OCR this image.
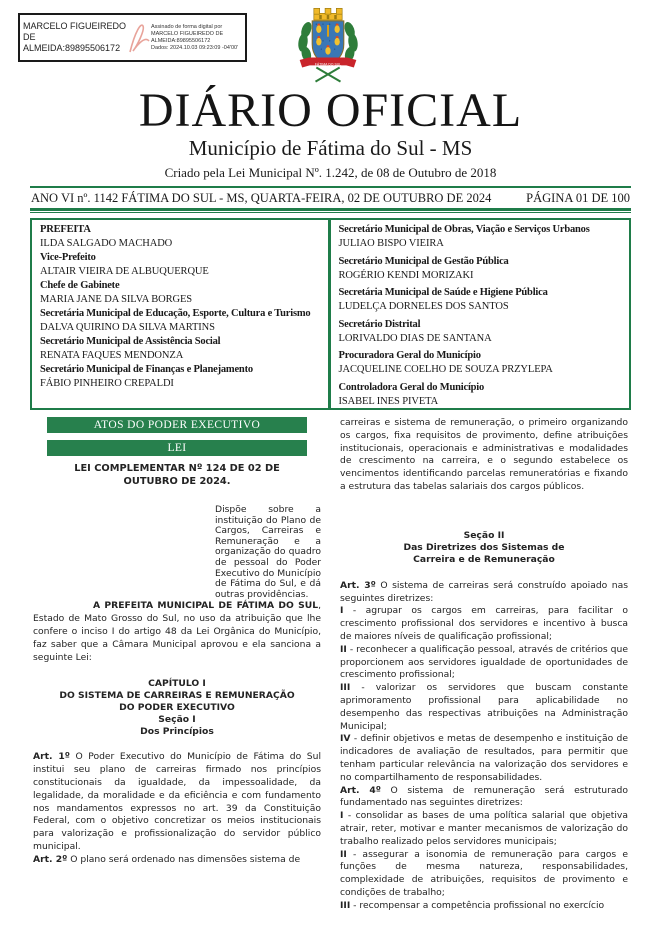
MARCELO FIGUEIREDO DE ALMEIDA:89895506172
Assinado de forma digital por
MARCELO FIGUEIREDO DE
ALMEIDA:89895506172
Dados: 2024.10.03 09:23:09 -04'00'
FÁTIMA DO SUL
DIÁRIO OFICIAL
Município de Fátima do Sul - MS
Criado pela Lei Municipal Nº. 1.242, de 08 de Outubro de 2018
ANO VI nº. 1142 FÁTIMA DO SUL - MS, QUARTA-FEIRA, 02 DE OUTUBRO DE 2024	PÁGINA 01 DE 100
PREFEITA
ILDA SALGADO MACHADO
Vice-Prefeito
ALTAIR VIEIRA DE ALBUQUERQUE
Chefe de Gabinete
MARIA JANE DA SILVA BORGES
Secretária Municipal de Educação, Esporte, Cultura e Turismo
DALVA QUIRINO DA SILVA MARTINS
Secretário Municipal de Assistência Social
RENATA FAQUES MENDONZA
Secretário Municipal de Finanças e Planejamento
FÁBIO PINHEIRO CREPALDI
Secretário Municipal de Obras, Viação e Serviços Urbanos
JULIAO BISPO VIEIRA
Secretário Municipal de Gestão Pública
ROGÉRIO KENDI MORIZAKI
Secretária Municipal de Saúde e Higiene Pública
LUDELÇA DORNELES DOS SANTOS
Secretário Distrital
LORIVALDO DIAS DE SANTANA
Procuradora Geral do Município
JACQUELINE COELHO DE SOUZA PRZYLEPA
Controladora Geral do Município
ISABEL INES PIVETA
ATOS DO PODER EXECUTIVO
LEI
LEI COMPLEMENTAR Nº 124 DE 02 DE OUTUBRO DE 2024.
Dispõe sobre a instituição do Plano de Cargos, Carreiras e Remuneração e a organização do quadro de pessoal do Poder Executivo do Município de Fátima do Sul, e dá outras providências.
A PREFEITA MUNICIPAL DE FÁTIMA DO SUL, Estado de Mato Grosso do Sul, no uso da atribuição que lhe confere o inciso I do artigo 48 da Lei Orgânica do Município, faz saber que a Câmara Municipal aprovou e ela sanciona a seguinte Lei:
CAPÍTULO I
DO SISTEMA DE CARREIRAS E REMUNERAÇÃO DO PODER EXECUTIVO
Seção I
Dos Princípios
Art. 1º O Poder Executivo do Município de Fátima do Sul institui seu plano de carreiras firmado nos princípios constitucionais da igualdade, da impessoalidade, da legalidade, da moralidade e da eficiência e com fundamento nos mandamentos expressos no art. 39 da Constituição Federal, com o objetivo concretizar os meios institucionais para valorização e profissionalização do servidor público municipal.
Art. 2º O plano será ordenado nas dimensões sistema de
carreiras e sistema de remuneração, o primeiro organizando os cargos, fixa requisitos de provimento, define atribuições institucionais, operacionais e administrativas e modalidades de crescimento na carreira, e o segundo estabelece os vencimentos identificando parcelas remuneratórias e fixando a estrutura das tabelas salariais dos cargos públicos.
Seção II
Das Diretrizes dos Sistemas de Carreira e de Remuneração
Art. 3º O sistema de carreiras será construído apoiado nas seguintes diretrizes:
I - agrupar os cargos em carreiras, para facilitar o crescimento profissional dos servidores e incentivo à busca de maiores níveis de qualificação profissional;
II - reconhecer a qualificação pessoal, através de critérios que proporcionem aos servidores igualdade de oportunidades de crescimento profissional;
III - valorizar os servidores que buscam constante aprimoramento profissional para aplicabilidade no desempenho das respectivas atribuições na Administração Municipal;
IV - definir objetivos e metas de desempenho e instituição de indicadores de avaliação de resultados, para permitir que tenham particular relevância na valorização dos servidores e no compartilhamento de responsabilidades.
Art. 4º O sistema de remuneração será estruturado fundamentado nas seguintes diretrizes:
I - consolidar as bases de uma política salarial que objetiva atrair, reter, motivar e manter mecanismos de valorização do trabalho realizado pelos servidores municipais;
II - assegurar a isonomia de remuneração para cargos e funções de mesma natureza, responsabilidades, complexidade de atribuições, requisitos de provimento e condições de trabalho;
III - recompensar a competência profissional no exercício
